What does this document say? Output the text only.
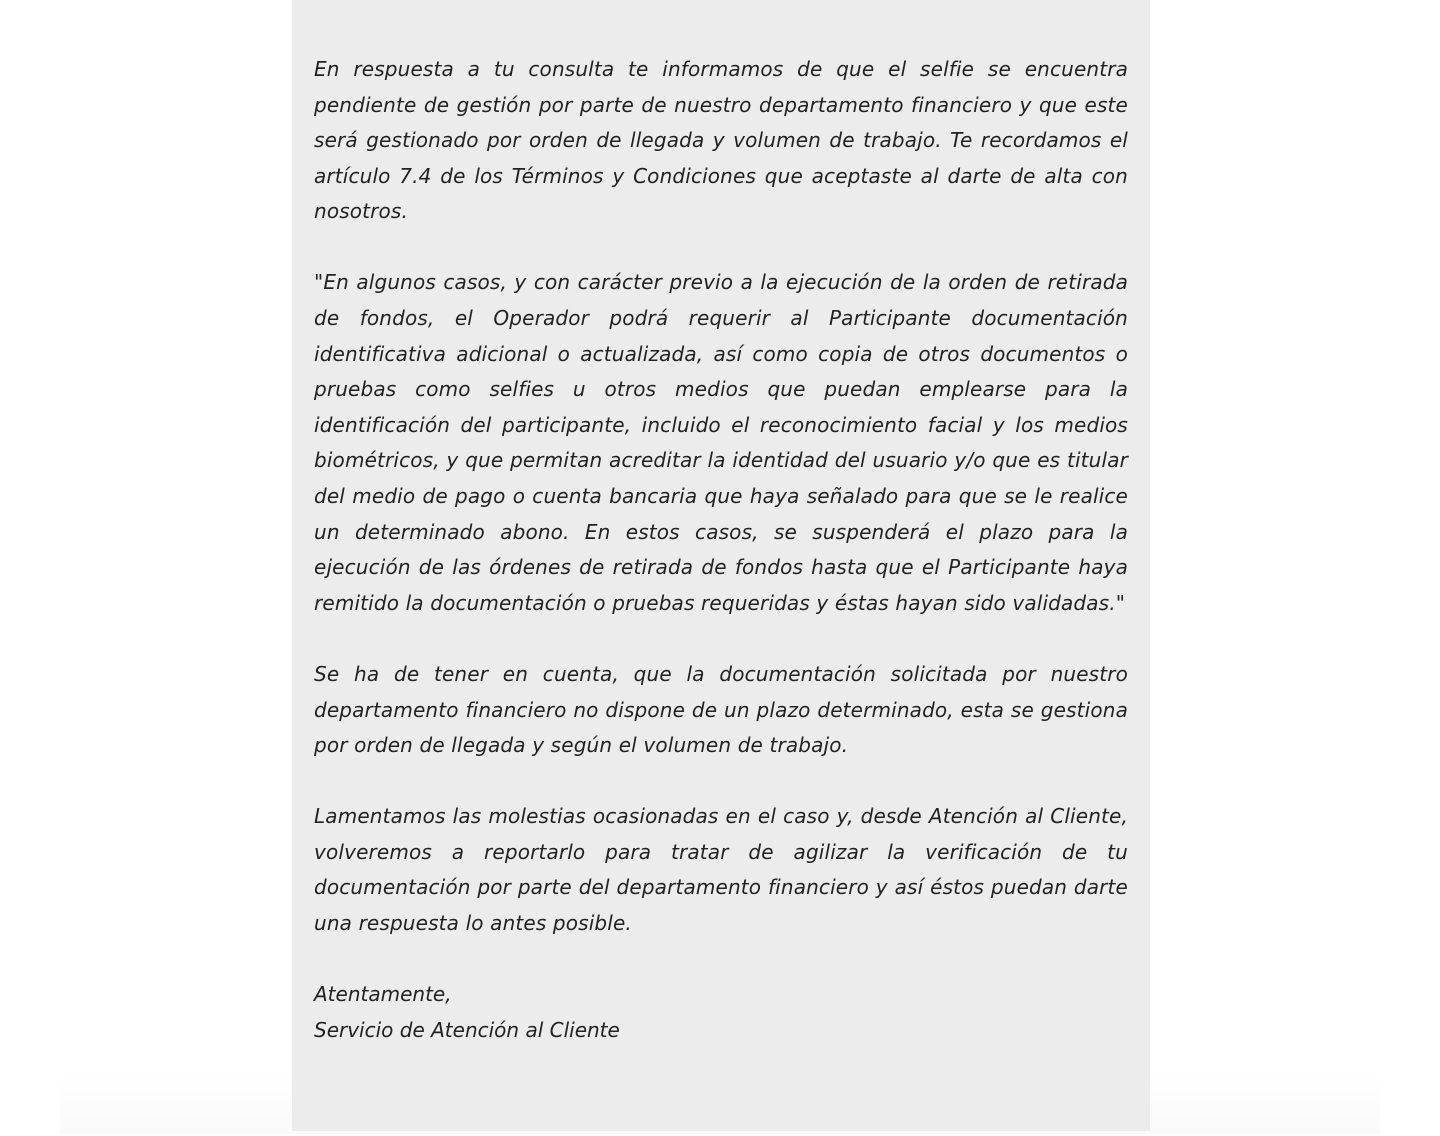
En respuesta a tu consulta te informamos de que el selfie se encuentra pendiente de gestión por parte de nuestro departamento financiero y que este será gestionado por orden de llegada y volumen de trabajo. Te recordamos el artículo 7.4 de los Términos y Condiciones que aceptaste al darte de alta con nosotros.

"En algunos casos, y con carácter previo a la ejecución de la orden de retirada de fondos, el Operador podrá requerir al Participante documentación identificativa adicional o actualizada, así como copia de otros documentos o pruebas como selfies u otros medios que puedan emplearse para la identificación del participante, incluido el reconocimiento facial y los medios biométricos, y que permitan acreditar la identidad del usuario y/o que es titular del medio de pago o cuenta bancaria que haya señalado para que se le realice un determinado abono. En estos casos, se suspenderá el plazo para la ejecución de las órdenes de retirada de fondos hasta que el Participante haya remitido la documentación o pruebas requeridas y éstas hayan sido validadas."

Se ha de tener en cuenta, que la documentación solicitada por nuestro departamento financiero no dispone de un plazo determinado, esta se gestiona por orden de llegada y según el volumen de trabajo.

Lamentamos las molestias ocasionadas en el caso y, desde Atención al Cliente, volveremos a reportarlo para tratar de agilizar la verificación de tu documentación por parte del departamento financiero y así éstos puedan darte una respuesta lo antes posible.

Atentamente,
Servicio de Atención al Cliente
